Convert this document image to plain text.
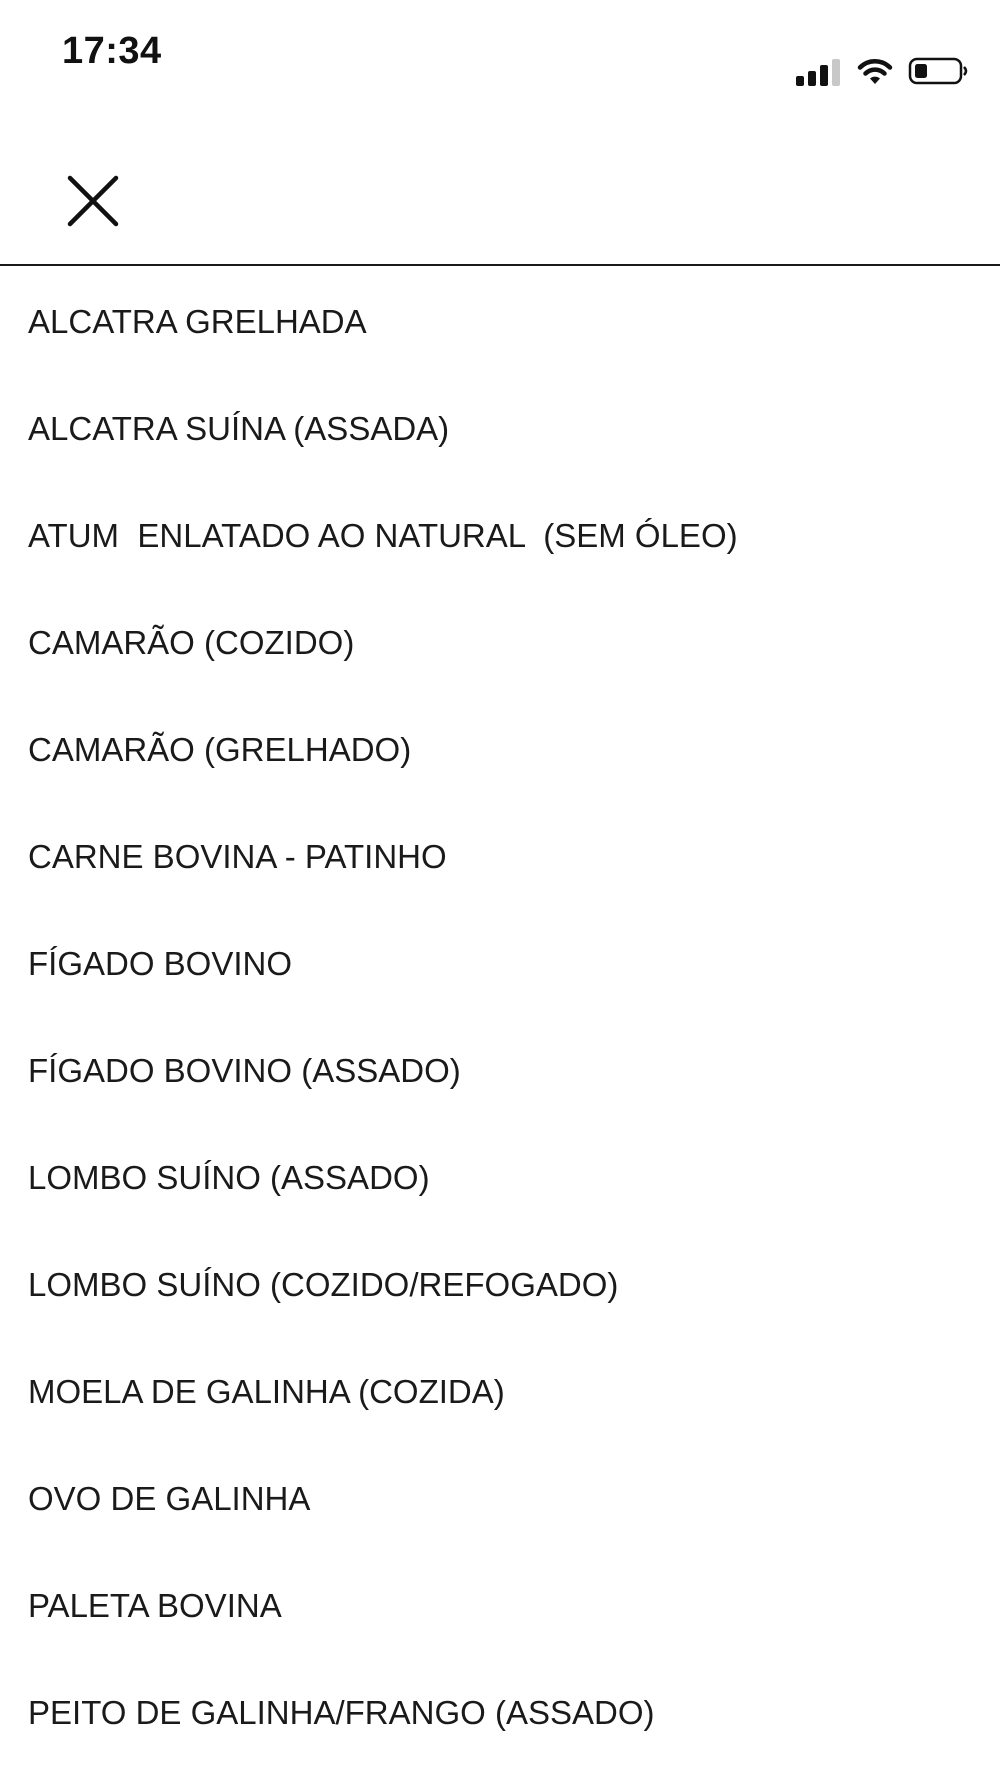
17:34
ALCATRA GRELHADA
ALCATRA SUÍNA (ASSADA)
ATUM  ENLATADO AO NATURAL  (SEM ÓLEO)
CAMARÃO (COZIDO)
CAMARÃO (GRELHADO)
CARNE BOVINA - PATINHO
FÍGADO BOVINO
FÍGADO BOVINO (ASSADO)
LOMBO SUÍNO (ASSADO)
LOMBO SUÍNO (COZIDO/REFOGADO)
MOELA DE GALINHA (COZIDA)
OVO DE GALINHA
PALETA BOVINA
PEITO DE GALINHA/FRANGO (ASSADO)
